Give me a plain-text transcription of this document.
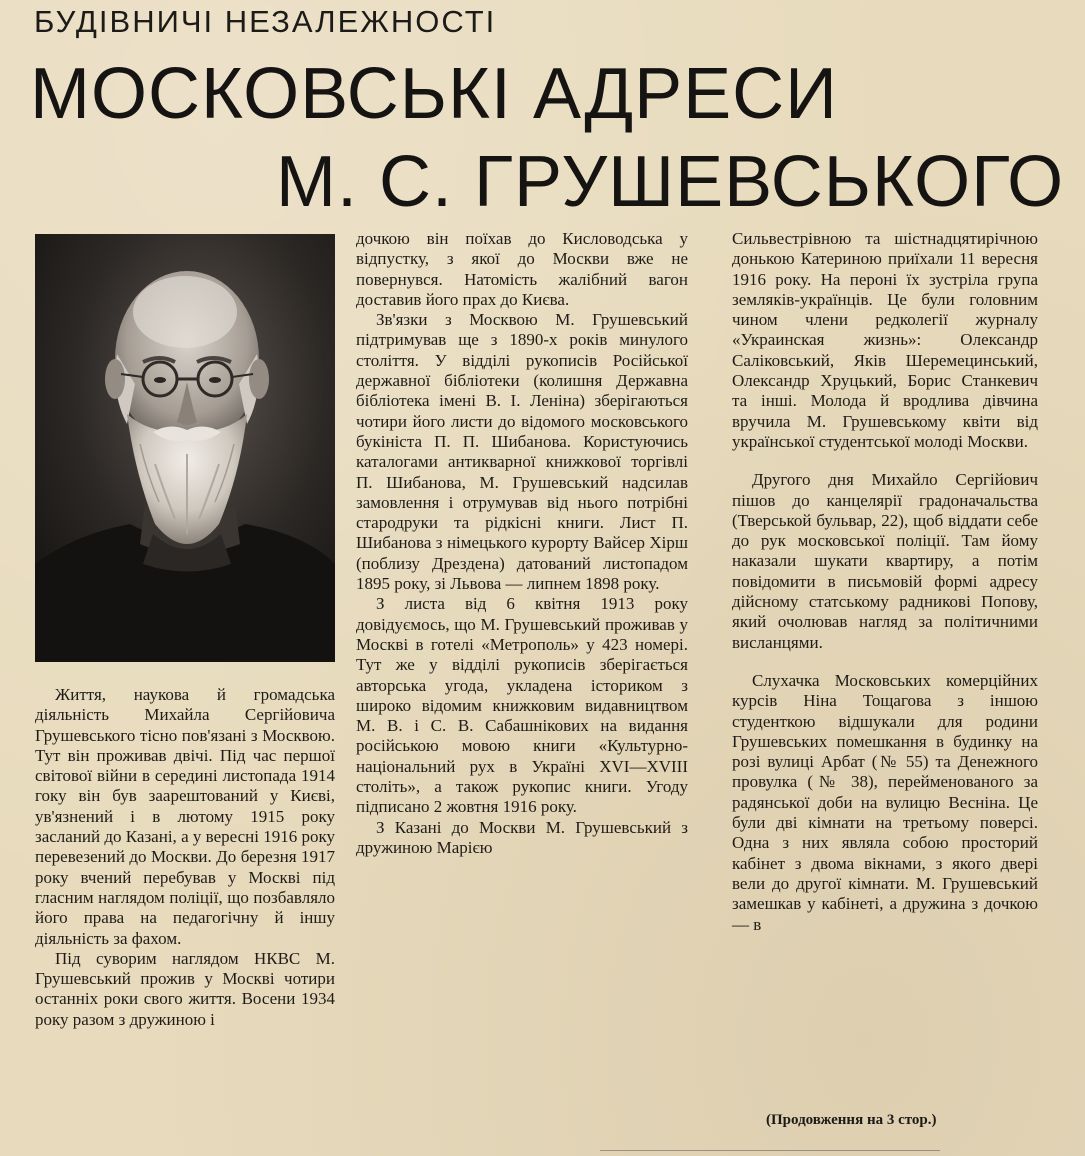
БУДІВНИЧІ НЕЗАЛЕЖНОСТІ
МОСКОВСЬКІ АДРЕСИ
М. С. ГРУШЕВСЬКОГО

Життя, наукова й громадська діяльність Михайла Сергійовича Грушевського тісно пов'язані з Москвою. Тут він проживав двічі. Під час першої світової війни в середині листопада 1914 гоку він був заарештований у Києві, ув'язнений і в лютому 1915 року засланий до Казані, а у вересні 1916 року перевезений до Москви. До березня 1917 року вчений перебував у Москві під гласним наглядом поліції, що позбавляло його права на педагогічну й іншу діяльність за фахом.

Під суворим наглядом НКВС М. Грушевський прожив у Москві чотири останніх роки свого життя. Восени 1934 року разом з дружиною і

дочкою він поїхав до Кисловодська у відпустку, з якої до Москви вже не повернувся. Натомість жалібний вагон доставив його прах до Києва.

Зв'язки з Москвою М. Грушевський підтримував ще з 1890-х років минулого століття. У відділі рукописів Російської державної бібліотеки (колишня Державна бібліотека імені В. І. Леніна) зберігаються чотири його листи до відомого московського букініста П. П. Шибанова. Користуючись каталогами антикварної книжкової торгівлі П. Шибанова, М. Грушевський надсилав замовлення і отрумував від нього потрібні стародруки та рідкісні книги. Лист П. Шибанова з німецького курорту Вайсер Хірш (поблизу Дрездена) датований листопадом 1895 року, зі Львова — липнем 1898 року.

З листа від 6 квітня 1913 року довідуємось, що М. Грушевський проживав у Москві в готелі «Метрополь» у 423 номері. Тут же у відділі рукописів зберігається авторська угода, укладена істориком з широко відомим книжковим видавництвом М. В. і С. В. Сабашнікових на видання російською мовою книги «Культурно-національний рух в Україні XVI—XVIII століть», а також рукопис книги. Угоду підписано 2 жовтня 1916 року.

З Казані до Москви М. Грушевський з дружиною Марією

Сильвестрівною та шістнадцятирічною донькою Катериною приїхали 11 вересня 1916 року. На пероні їх зустріла група земляків-українців. Це були головним чином члени редколегії журналу «Украинская жизнь»: Олександр Саліковський, Яків Шеремецинський, Олександр Хруцький, Борис Станкевич та інші. Молода й вродлива дівчина вручила М. Грушевському квіти від української студентської молоді Москви.

Другого дня Михайло Сергійович пішов до канцелярії градоначальства (Тверськой бульвар, 22), щоб віддати себе до рук московської поліції. Там йому наказали шукати квартиру, а потім повідомити в письмовій формі адресу дійсному статському радникові Попову, який очолював нагляд за політичними висланцями.

Слухачка Московських комерційних курсів Ніна Тощагова з іншою студенткою відшукали для родини Грушевських помешкання в будинку на розі вулиці Арбат (№ 55) та Денежного провулка (№ 38), перейменованого за радянської доби на вулицю Весніна. Це були дві кімнати на третьому поверсі. Одна з них являла собою просторий кабінет з двома вікнами, з якого двері вели до другої кімнати. М. Грушевський замешкав у кабінеті, а дружина з дочкою — в

(Продовження на 3 стор.)
